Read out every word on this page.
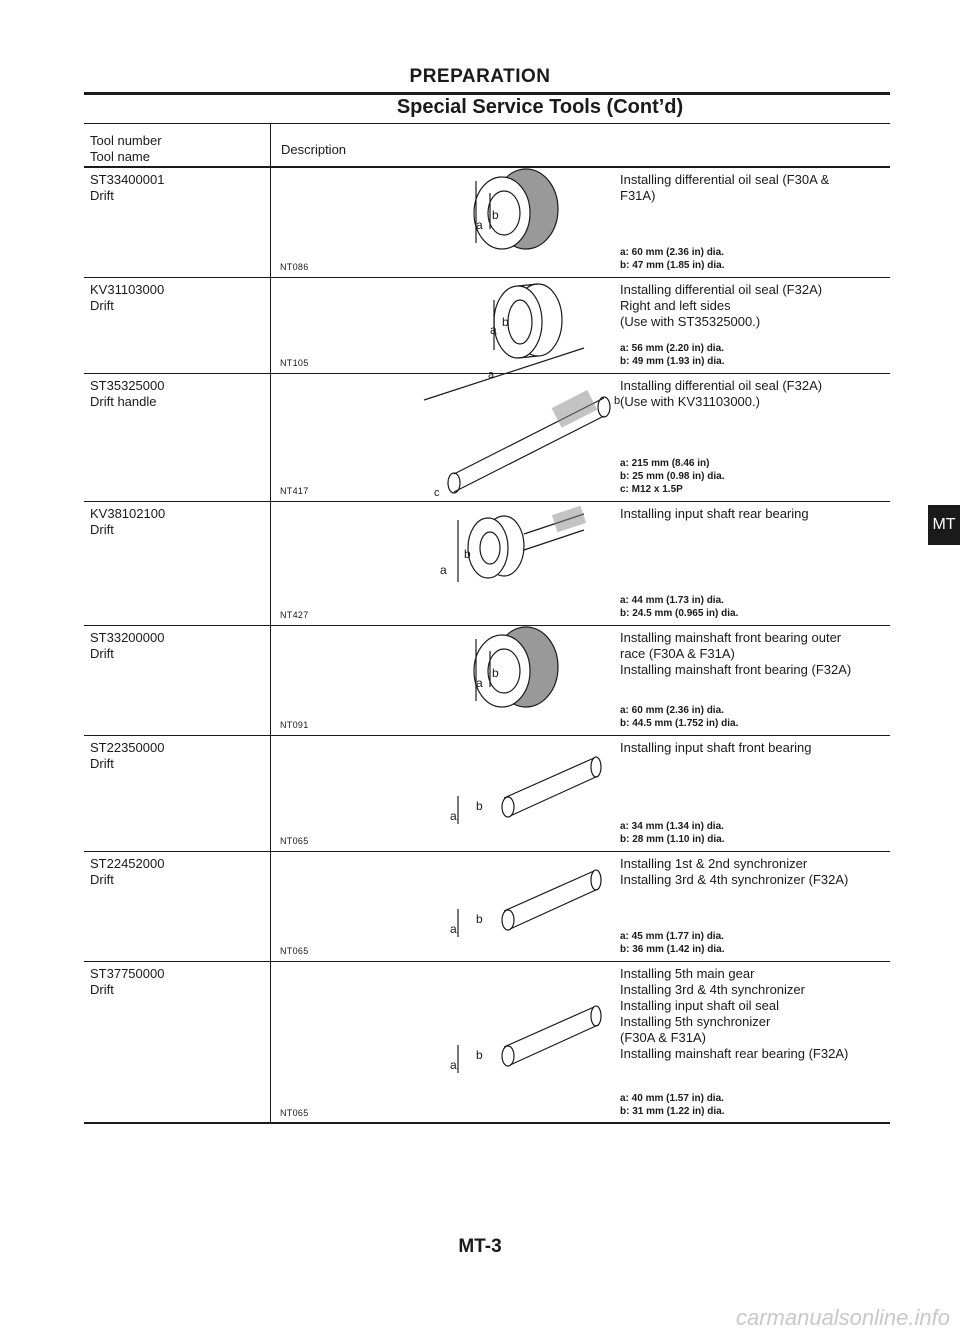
PREPARATION
Special Service Tools (Cont’d)
Tool number
Tool name	Description
ST33400001
Drift
a
b
NT086
Installing differential oil seal (F30A &
F31A)
a: 60 mm (2.36 in) dia.
b: 47 mm (1.85 in) dia.
KV31103000
Drift
a
b
NT105
Installing differential oil seal (F32A)
Right and left sides
(Use with ST35325000.)
a: 56 mm (2.20 in) dia.
b: 49 mm (1.93 in) dia.
ST35325000
Drift handle
a
b
c
NT417
Installing differential oil seal (F32A)
(Use with KV31103000.)
a: 215 mm (8.46 in)
b: 25 mm (0.98 in) dia.
c: M12 x 1.5P
KV38102100
Drift
a
b
NT427
Installing input shaft rear bearing
a: 44 mm (1.73 in) dia.
b: 24.5 mm (0.965 in) dia.
ST33200000
Drift
a
b
NT091
Installing mainshaft front bearing outer
race (F30A & F31A)
Installing mainshaft front bearing (F32A)
a: 60 mm (2.36 in) dia.
b: 44.5 mm (1.752 in) dia.
ST22350000
Drift
a
b
NT065
Installing input shaft front bearing
a: 34 mm (1.34 in) dia.
b: 28 mm (1.10 in) dia.
ST22452000
Drift
a
b
NT065
Installing 1st & 2nd synchronizer
Installing 3rd & 4th synchronizer (F32A)
a: 45 mm (1.77 in) dia.
b: 36 mm (1.42 in) dia.
ST37750000
Drift
a
b
NT065
Installing 5th main gear
Installing 3rd & 4th synchronizer
Installing input shaft oil seal
Installing 5th synchronizer
(F30A & F31A)
Installing mainshaft rear bearing (F32A)
a: 40 mm (1.57 in) dia.
b: 31 mm (1.22 in) dia.
MT
MT-3
carmanualsonline.info
